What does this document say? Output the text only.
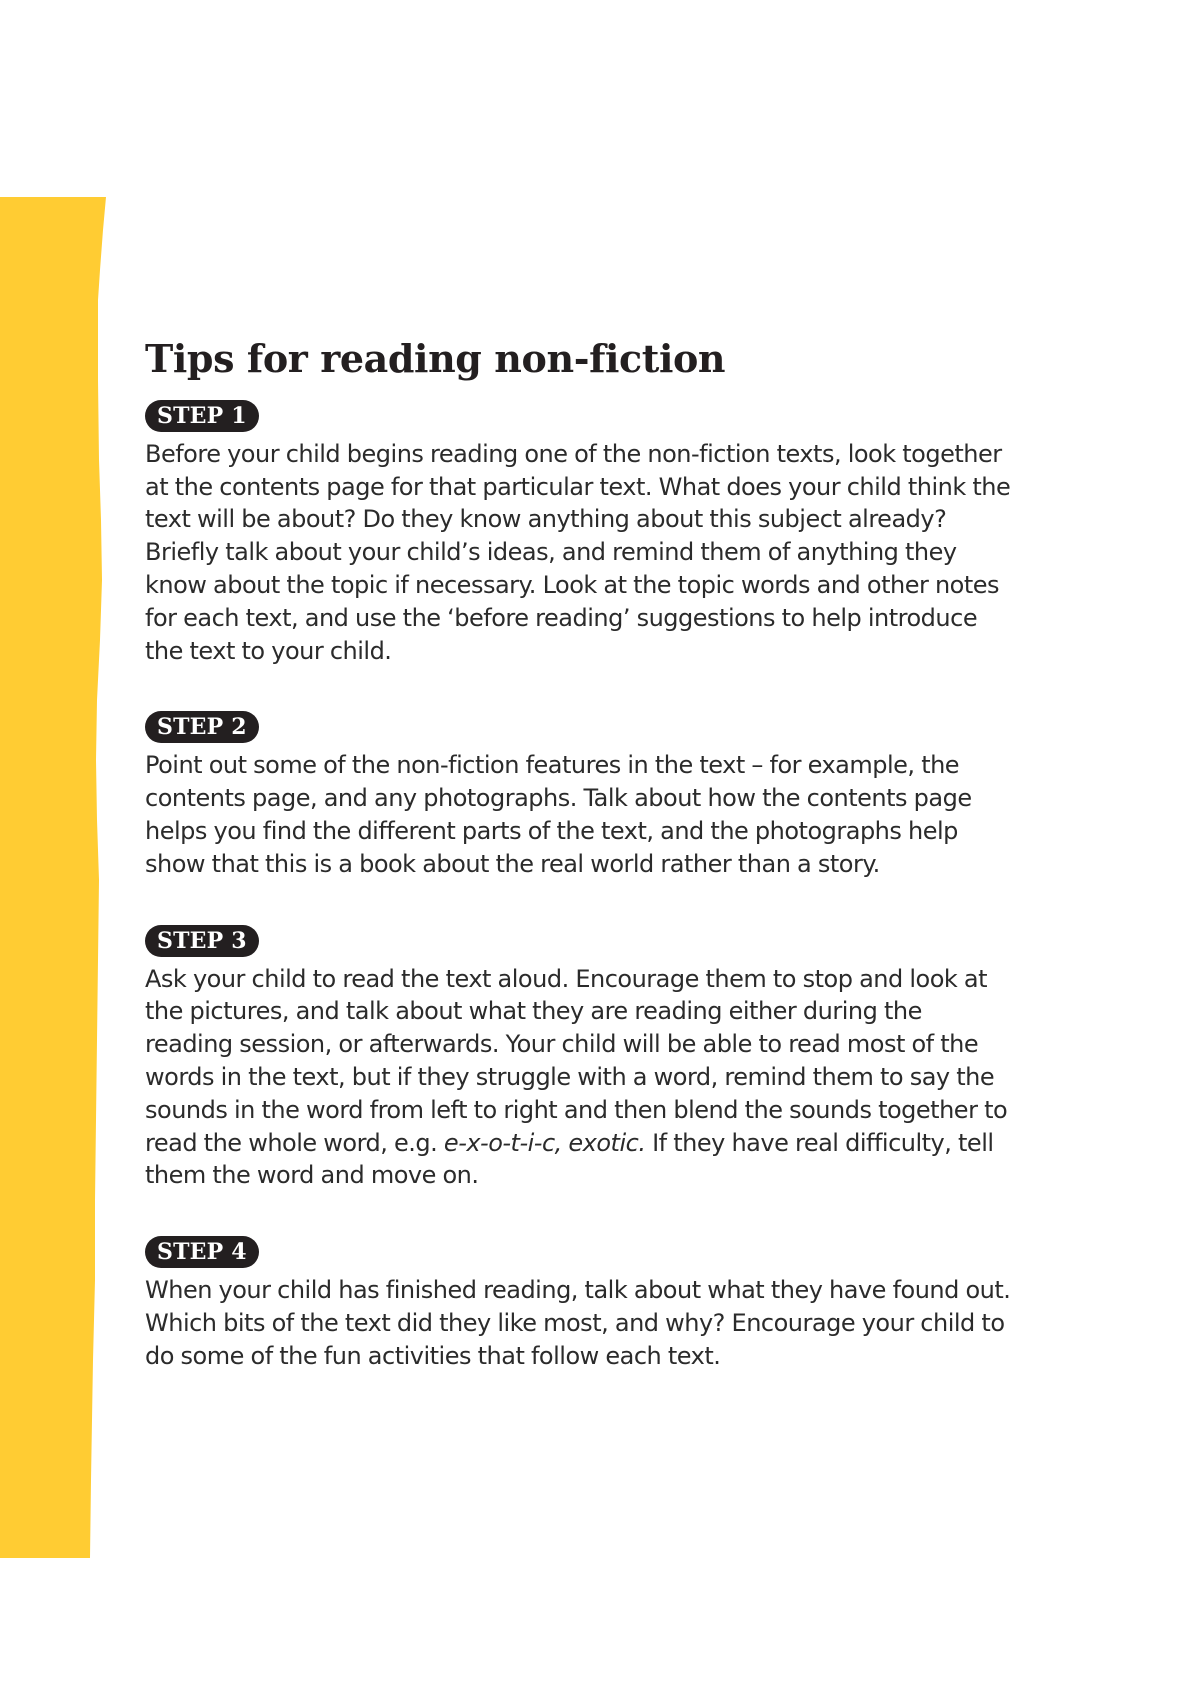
Tips for reading non-fiction
STEP 1

Before your child begins reading one of the non-fiction texts, look together at the contents page for that particular text. What does your child think the text will be about? Do they know anything about this subject already? Briefly talk about your child’s ideas, and remind them of anything they know about the topic if necessary. Look at the topic words and other notes for each text, and use the ‘before reading’ suggestions to help introduce the text to your child.

STEP 2

Point out some of the non-fiction features in the text – for example, the contents page, and any photographs. Talk about how the contents page helps you find the different parts of the text, and the photographs help show that this is a book about the real world rather than a story.

STEP 3

Ask your child to read the text aloud. Encourage them to stop and look at the pictures, and talk about what they are reading either during the reading session, or afterwards. Your child will be able to read most of the words in the text, but if they struggle with a word, remind them to say the sounds in the word from left to right and then blend the sounds together to read the whole word, e.g. e-x-o-t-i-c, exotic. If they have real difficulty, tell them the word and move on.

STEP 4

When your child has finished reading, talk about what they have found out. Which bits of the text did they like most, and why? Encourage your child to do some of the fun activities that follow each text.
